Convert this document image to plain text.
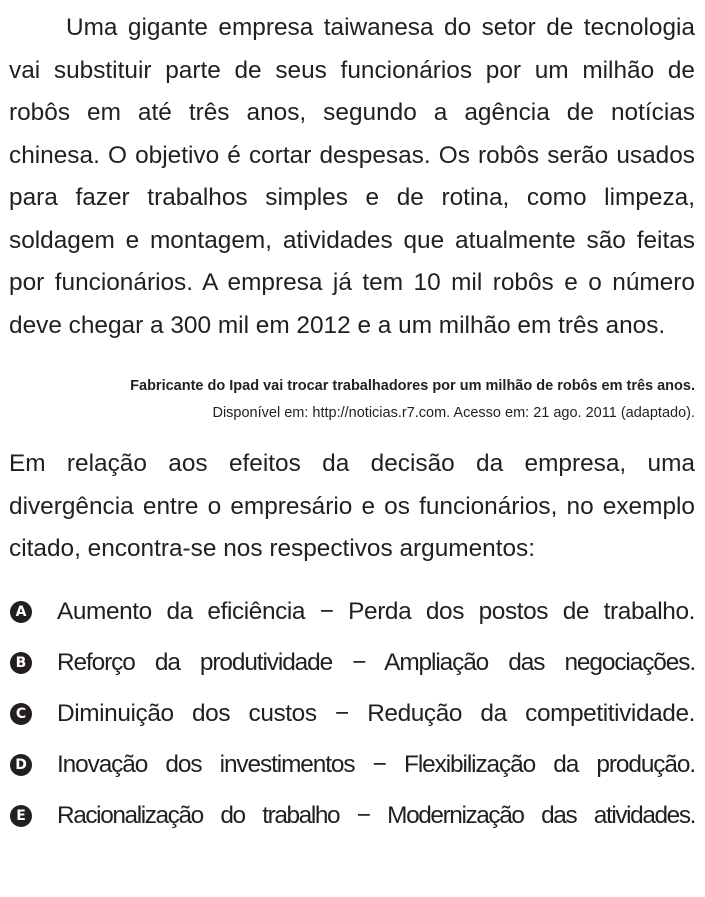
Uma gigante empresa taiwanesa do setor de tecnologia vai substituir parte de seus funcionários por um milhão de robôs em até três anos, segundo a agência de notícias chinesa. O objetivo é cortar despesas. Os robôs serão usados para fazer trabalhos simples e de rotina, como limpeza, soldagem e montagem, atividades que atualmente são feitas por funcionários. A empresa já tem 10 mil robôs e o número deve chegar a 300 mil em 2012 e a um milhão em três anos.

Fabricante do Ipad vai trocar trabalhadores por um milhão de robôs em três anos.
Disponível em: http://noticias.r7.com. Acesso em: 21 ago. 2011 (adaptado).

Em relação aos efeitos da decisão da empresa, uma divergência entre o empresário e os funcionários, no exemplo citado, encontra-se nos respectivos argumentos:

A Aumento da eficiência − Perda dos postos de trabalho.
B Reforço da produtividade − Ampliação das negociações.
C Diminuição dos custos − Redução da competitividade.
D Inovação dos investimentos − Flexibilização da produção.
E Racionalização do trabalho − Modernização das atividades.
